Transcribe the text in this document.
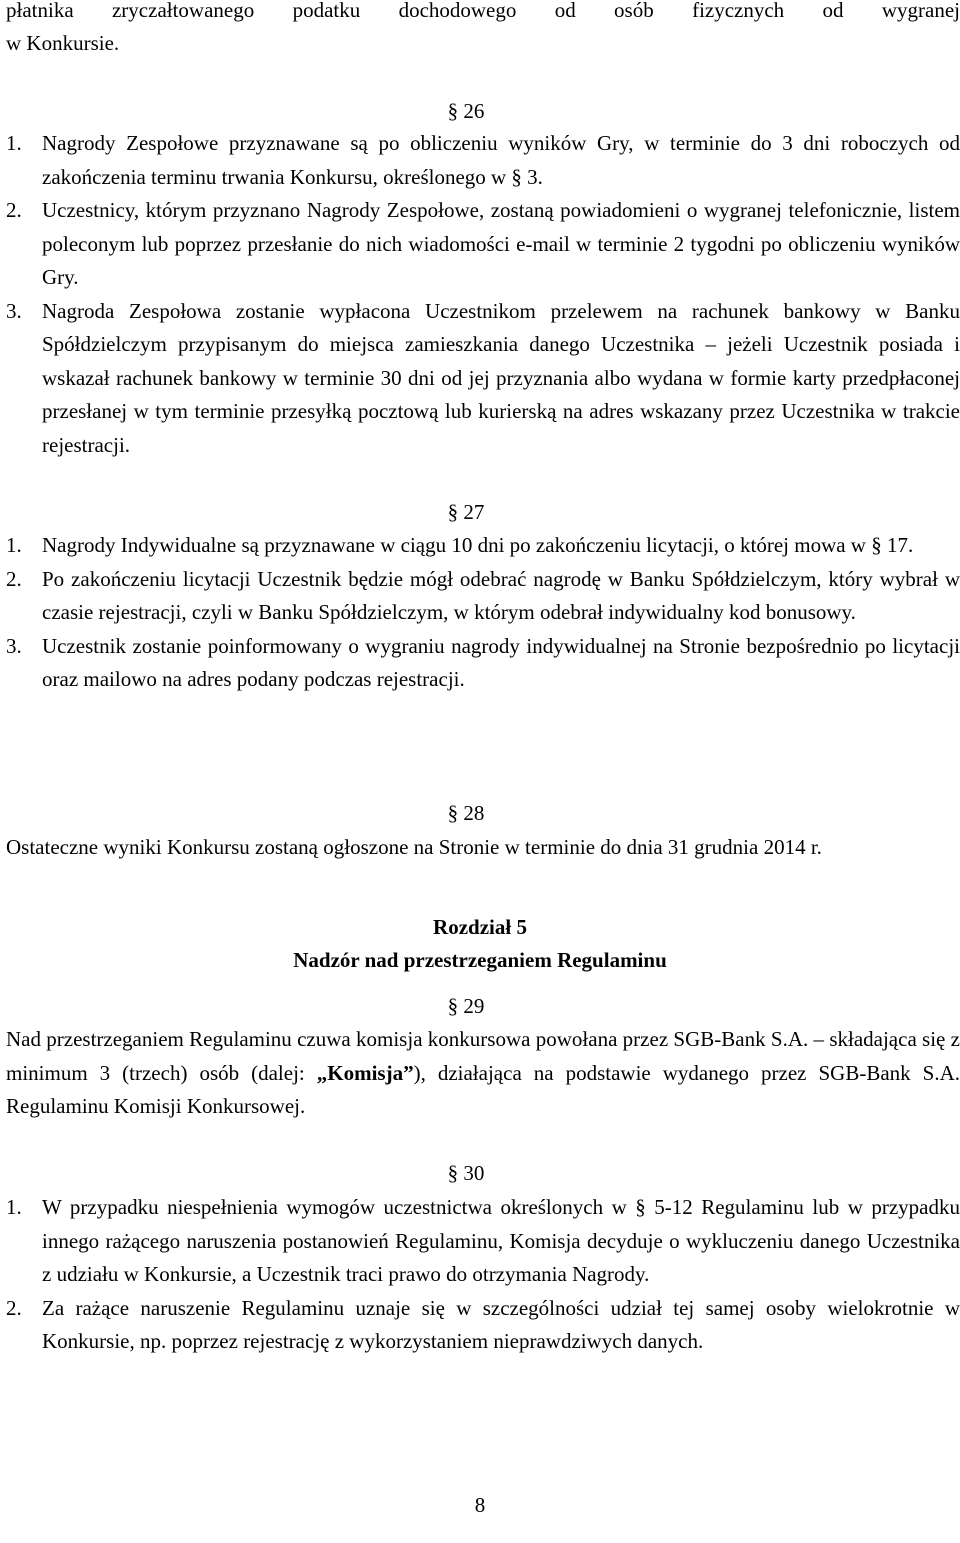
płatnika zryczałtowanego podatku dochodowego od osób fizycznych od wygranej
w Konkursie.
§ 26
1. Nagrody Zespołowe przyznawane są po obliczeniu wyników Gry, w terminie do 3 dni roboczych od zakończenia terminu trwania Konkursu, określonego w § 3.
2. Uczestnicy, którym przyznano Nagrody Zespołowe, zostaną powiadomieni o wygranej telefonicznie, listem poleconym lub poprzez przesłanie do nich wiadomości e-mail w terminie 2 tygodni po obliczeniu wyników Gry.
3. Nagroda Zespołowa zostanie wypłacona Uczestnikom przelewem na rachunek bankowy w Banku Spółdzielczym przypisanym do miejsca zamieszkania danego Uczestnika – jeżeli Uczestnik posiada i wskazał rachunek bankowy w terminie 30 dni od jej przyznania albo wydana w formie karty przedpłaconej przesłanej w tym terminie przesyłką pocztową lub kurierską na adres wskazany przez Uczestnika w trakcie rejestracji.
§ 27
1. Nagrody Indywidualne są przyznawane w ciągu 10 dni po zakończeniu licytacji, o której mowa w § 17.
2. Po zakończeniu licytacji Uczestnik będzie mógł odebrać nagrodę w Banku Spółdzielczym, który wybrał w czasie rejestracji, czyli w Banku Spółdzielczym, w którym odebrał indywidualny kod bonusowy.
3. Uczestnik zostanie poinformowany o wygraniu nagrody indywidualnej na Stronie bezpośrednio po licytacji oraz mailowo na adres podany podczas rejestracji.
§ 28
Ostateczne wyniki Konkursu zostaną ogłoszone na Stronie w terminie do dnia 31 grudnia 2014 r.
Rozdział 5
Nadzór nad przestrzeganiem Regulaminu
§ 29
Nad przestrzeganiem Regulaminu czuwa komisja konkursowa powołana przez SGB-Bank S.A. – składająca się z minimum 3 (trzech) osób (dalej: „Komisja”), działająca na podstawie wydanego przez SGB-Bank S.A. Regulaminu Komisji Konkursowej.
§ 30
1. W przypadku niespełnienia wymogów uczestnictwa określonych w § 5-12 Regulaminu lub w przypadku innego rażącego naruszenia postanowień Regulaminu, Komisja decyduje o wykluczeniu danego Uczestnika z udziału w Konkursie, a Uczestnik traci prawo do otrzymania Nagrody.
2. Za rażące naruszenie Regulaminu uznaje się w szczególności udział tej samej osoby wielokrotnie w Konkursie, np. poprzez rejestrację z wykorzystaniem nieprawdziwych danych.
8
